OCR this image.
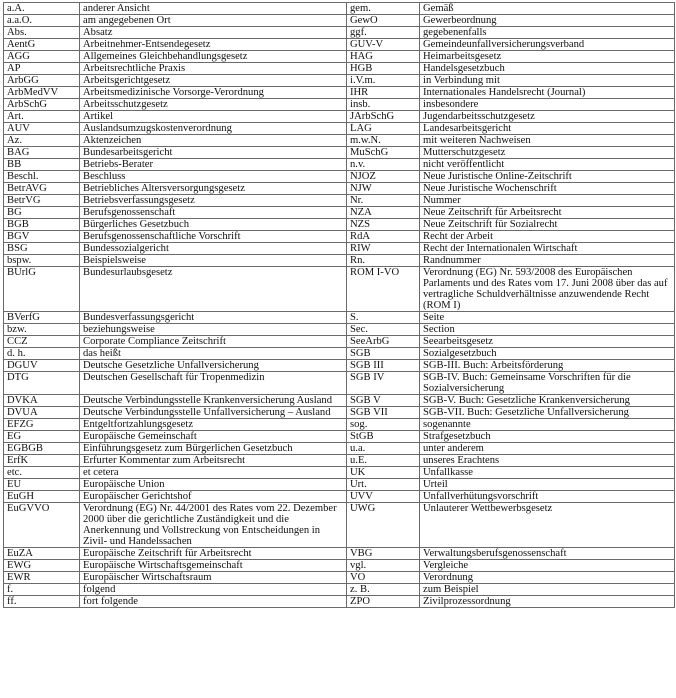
a.A.	anderer Ansicht	gem.	Gemäß
a.a.O.	am angegebenen Ort	GewO	Gewerbeordnung
Abs.	Absatz	ggf.	gegebenenfalls
AentG	Arbeitnehmer-Entsendegesetz	GUV-V	Gemeindeunfallversicherungsverband
AGG	Allgemeines Gleichbehandlungsgesetz	HAG	Heimarbeitsgesetz
AP	Arbeitsrechtliche Praxis	HGB	Handelsgesetzbuch
ArbGG	Arbeitsgerichtgesetz	i.V.m.	in Verbindung mit
ArbMedVV	Arbeitsmedizinische Vorsorge-Verordnung	IHR	Internationales Handelsrecht (Journal)
ArbSchG	Arbeitsschutzgesetz	insb.	insbesondere
Art.	Artikel	JArbSchG	Jugendarbeitsschutzgesetz
AUV	Auslandsumzugskostenverordnung	LAG	Landesarbeitsgericht
Az.	Aktenzeichen	m.w.N.	mit weiteren Nachweisen
BAG	Bundesarbeitsgericht	MuSchG	Mutterschutzgesetz
BB	Betriebs-Berater	n.v.	nicht veröffentlicht
Beschl.	Beschluss	NJOZ	Neue Juristische Online-Zeitschrift
BetrAVG	Betriebliches Altersversorgungsgesetz	NJW	Neue Juristische Wochenschrift
BetrVG	Betriebsverfassungsgesetz	Nr.	Nummer
BG	Berufsgenossenschaft	NZA	Neue Zeitschrift für Arbeitsrecht
BGB	Bürgerliches Gesetzbuch	NZS	Neue Zeitschrift für Sozialrecht
BGV	Berufsgenossenschaftliche Vorschrift	RdA	Recht der Arbeit
BSG	Bundessozialgericht	RIW	Recht der Internationalen Wirtschaft
bspw.	Beispielsweise	Rn.	Randnummer
BUrlG	Bundesurlaubsgesetz	ROM I-VO	Verordnung (EG) Nr. 593/2008 des Europäischen Parlaments und des Rates vom 17. Juni 2008 über das auf vertragliche Schuldverhältnisse anzuwendende Recht (ROM I)
BVerfG	Bundesverfassungsgericht	S.	Seite
bzw.	beziehungsweise	Sec.	Section
CCZ	Corporate Compliance Zeitschrift	SeeArbG	Seearbeitsgesetz
d. h.	das heißt	SGB	Sozialgesetzbuch
DGUV	Deutsche Gesetzliche Unfallversicherung	SGB III	SGB-III. Buch: Arbeitsförderung
DTG	Deutschen Gesellschaft für Tropenmedizin	SGB IV	SGB-IV. Buch: Gemeinsame Vorschriften für die Sozialversicherung
DVKA	Deutsche Verbindungsstelle Krankenversicherung Ausland	SGB V	SGB-V. Buch: Gesetzliche Krankenversicherung
DVUA	Deutsche Verbindungsstelle Unfallversicherung – Ausland	SGB VII	SGB-VII. Buch: Gesetzliche Unfallversicherung
EFZG	Entgeltfortzahlungsgesetz	sog.	sogenannte
EG	Europäische Gemeinschaft	StGB	Strafgesetzbuch
EGBGB	Einführungsgesetz zum Bürgerlichen Gesetzbuch	u.a.	unter anderem
ErfK	Erfurter Kommentar zum Arbeitsrecht	u.E.	unseres Erachtens
etc.	et cetera	UK	Unfallkasse
EU	Europäische Union	Urt.	Urteil
EuGH	Europäischer Gerichtshof	UVV	Unfallverhütungsvorschrift
EuGVVO	Verordnung (EG) Nr. 44/2001 des Rates vom 22. Dezember 2000 über die gerichtliche Zuständigkeit und die Anerkennung und Vollstreckung von Entscheidungen in Zivil- und Handelssachen	UWG	Unlauterer Wettbewerbsgesetz
EuZA	Europäische Zeitschrift für Arbeitsrecht	VBG	Verwaltungsberufsgenossenschaft
EWG	Europäische Wirtschaftsgemeinschaft	vgl.	Vergleiche
EWR	Europäischer Wirtschaftsraum	VO	Verordnung
f.	folgend	z. B.	zum Beispiel
ff.	fort folgende	ZPO	Zivilprozessordnung
